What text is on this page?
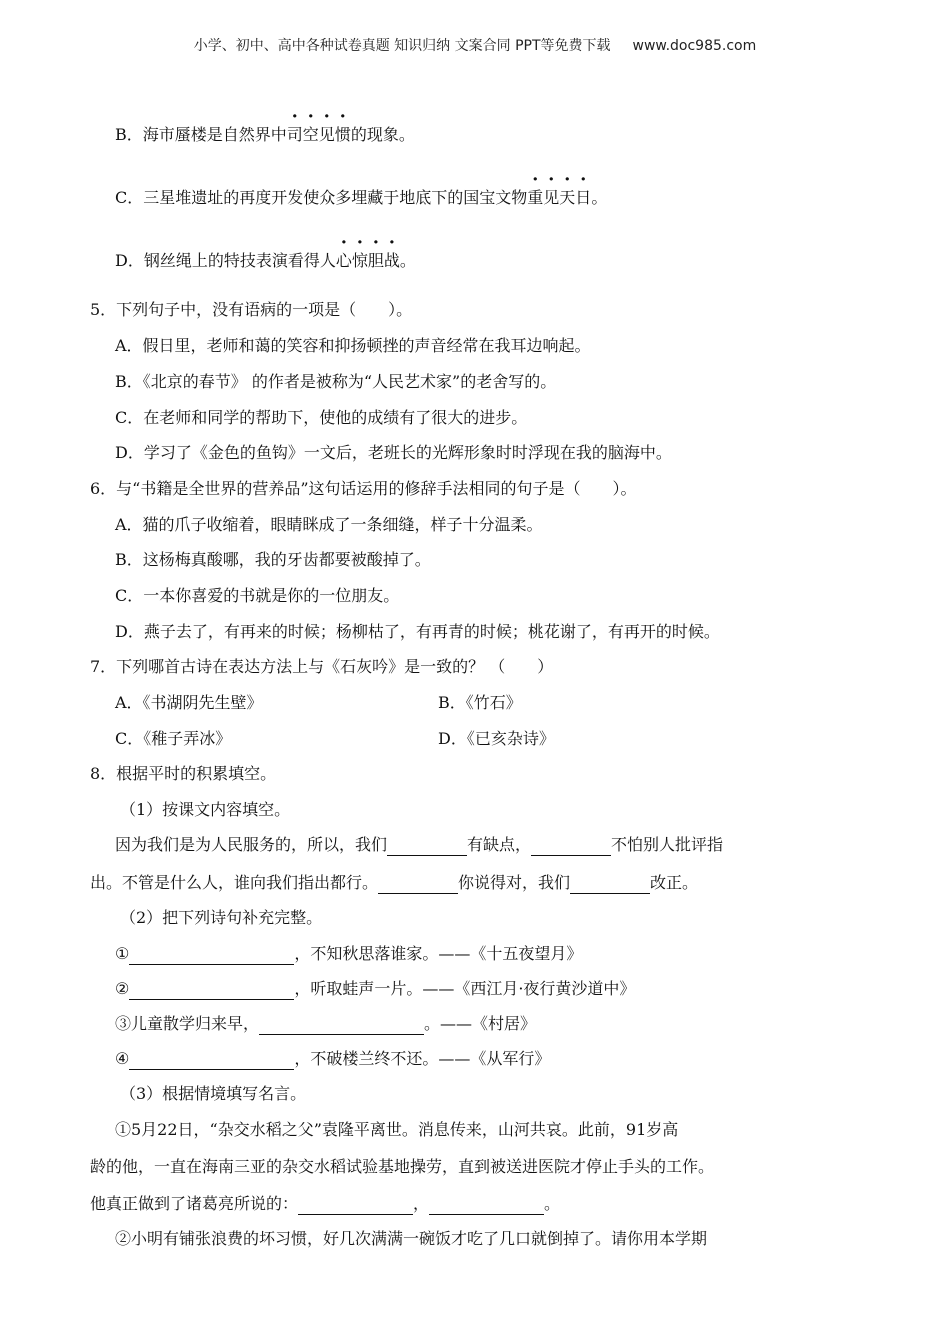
小学、初中、高中各种试卷真题 知识归纳 文案合同 PPT等免费下载 www.doc985.com
B．海市蜃楼是自然界中司空见惯的现象。
C．三星堆遗址的再度开发使众多埋藏于地底下的国宝文物重见天日。
D．钢丝绳上的特技表演看得人心惊胆战。
5．下列句子中，没有语病的一项是（　　）。
A．假日里，老师和蔼的笑容和抑扬顿挫的声音经常在我耳边响起。
B．《北京的春节》 的作者是被称为“人民艺术家”的老舍写的。
C．在老师和同学的帮助下，使他的成绩有了很大的进步。
D．学习了《金色的鱼钩》一文后，老班长的光辉形象时时浮现在我的脑海中。
6．与“书籍是全世界的营养品”这句话运用的修辞手法相同的句子是（　　）。
A．猫的爪子收缩着，眼睛眯成了一条细缝，样子十分温柔。
B．这杨梅真酸哪，我的牙齿都要被酸掉了。
C．一本你喜爱的书就是你的一位朋友。
D．燕子去了，有再来的时候；杨柳枯了，有再青的时候；桃花谢了，有再开的时候。
7．下列哪首古诗在表达方法上与《石灰吟》是一致的？ （　　）
A．《书湖阴先生壁》	B．《竹石》
C．《稚子弄冰》	D．《已亥杂诗》
8．根据平时的积累填空。
（1）按课文内容填空。
因为我们是为人民服务的，所以，我们	有缺点，	不怕别人批评指
出。不管是什么人，谁向我们指出都行。	你说得对，我们	改正。
（2）把下列诗句补充完整。
①	，不知秋思落谁家。——《十五夜望月》
②	，听取蛙声一片。——《西江月·夜行黄沙道中》
③儿童散学归来早，	。——《村居》
④	，不破楼兰终不还。——《从军行》
（3）根据情境填写名言。
①5月22日，“杂交水稻之父”袁隆平离世。消息传来，山河共哀。此前，91岁高
龄的他，一直在海南三亚的杂交水稻试验基地操劳，直到被送进医院才停止手头的工作。
他真正做到了诸葛亮所说的：	，	。
②小明有铺张浪费的坏习惯，好几次满满一碗饭才吃了几口就倒掉了。请你用本学期
